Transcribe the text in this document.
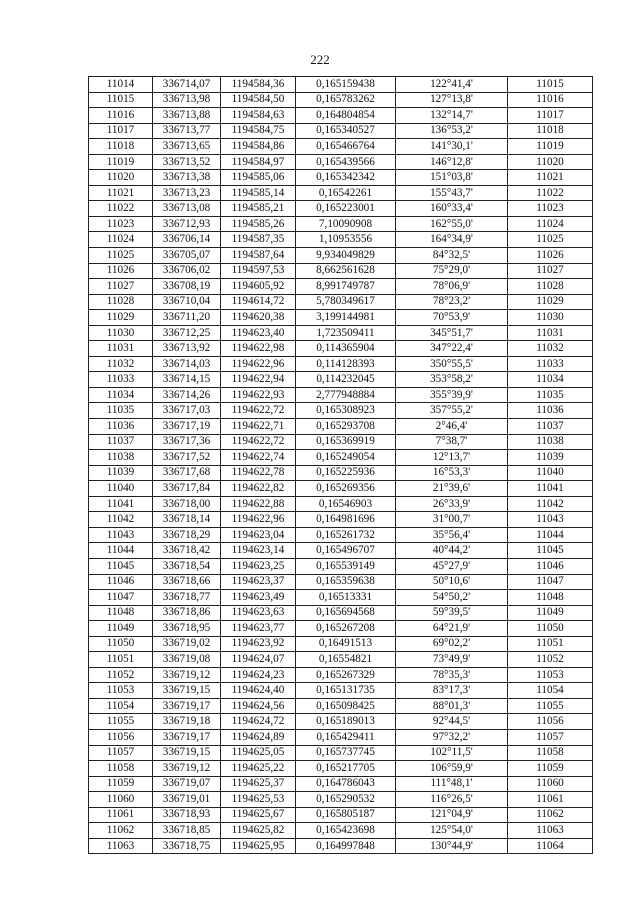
222
11014	336714,07	1194584,36	0,165159438	122°41,4'	11015
11015	336713,98	1194584,50	0,165783262	127°13,8'	11016
11016	336713,88	1194584,63	0,164804854	132°14,7'	11017
11017	336713,77	1194584,75	0,165340527	136°53,2'	11018
11018	336713,65	1194584,86	0,165466764	141°30,1'	11019
11019	336713,52	1194584,97	0,165439566	146°12,8'	11020
11020	336713,38	1194585,06	0,165342342	151°03,8'	11021
11021	336713,23	1194585,14	0,16542261	155°43,7'	11022
11022	336713,08	1194585,21	0,165223001	160°33,4'	11023
11023	336712,93	1194585,26	7,10090908	162°55,0'	11024
11024	336706,14	1194587,35	1,10953556	164°34,9'	11025
11025	336705,07	1194587,64	9,934049829	84°32,5'	11026
11026	336706,02	1194597,53	8,662561628	75°29,0'	11027
11027	336708,19	1194605,92	8,991749787	78°06,9'	11028
11028	336710,04	1194614,72	5,780349617	78°23,2'	11029
11029	336711,20	1194620,38	3,199144981	70°53,9'	11030
11030	336712,25	1194623,40	1,723509411	345°51,7'	11031
11031	336713,92	1194622,98	0,114365904	347°22,4'	11032
11032	336714,03	1194622,96	0,114128393	350°55,5'	11033
11033	336714,15	1194622,94	0,114232045	353°58,2'	11034
11034	336714,26	1194622,93	2,777948884	355°39,9'	11035
11035	336717,03	1194622,72	0,165308923	357°55,2'	11036
11036	336717,19	1194622,71	0,165293708	2°46,4'	11037
11037	336717,36	1194622,72	0,165369919	7°38,7'	11038
11038	336717,52	1194622,74	0,165249054	12°13,7'	11039
11039	336717,68	1194622,78	0,165225936	16°53,3'	11040
11040	336717,84	1194622,82	0,165269356	21°39,6'	11041
11041	336718,00	1194622,88	0,16546903	26°33,9'	11042
11042	336718,14	1194622,96	0,164981696	31°00,7'	11043
11043	336718,29	1194623,04	0,165261732	35°56,4'	11044
11044	336718,42	1194623,14	0,165496707	40°44,2'	11045
11045	336718,54	1194623,25	0,165539149	45°27,9'	11046
11046	336718,66	1194623,37	0,165359638	50°10,6'	11047
11047	336718,77	1194623,49	0,16513331	54°50,2'	11048
11048	336718,86	1194623,63	0,165694568	59°39,5'	11049
11049	336718,95	1194623,77	0,165267208	64°21,9'	11050
11050	336719,02	1194623,92	0,16491513	69°02,2'	11051
11051	336719,08	1194624,07	0,16554821	73°49,9'	11052
11052	336719,12	1194624,23	0,165267329	78°35,3'	11053
11053	336719,15	1194624,40	0,165131735	83°17,3'	11054
11054	336719,17	1194624,56	0,165098425	88°01,3'	11055
11055	336719,18	1194624,72	0,165189013	92°44,5'	11056
11056	336719,17	1194624,89	0,165429411	97°32,2'	11057
11057	336719,15	1194625,05	0,165737745	102°11,5'	11058
11058	336719,12	1194625,22	0,165217705	106°59,9'	11059
11059	336719,07	1194625,37	0,164786043	111°48,1'	11060
11060	336719,01	1194625,53	0,165290532	116°26,5'	11061
11061	336718,93	1194625,67	0,165805187	121°04,9'	11062
11062	336718,85	1194625,82	0,165423698	125°54,0'	11063
11063	336718,75	1194625,95	0,164997848	130°44,9'	11064
